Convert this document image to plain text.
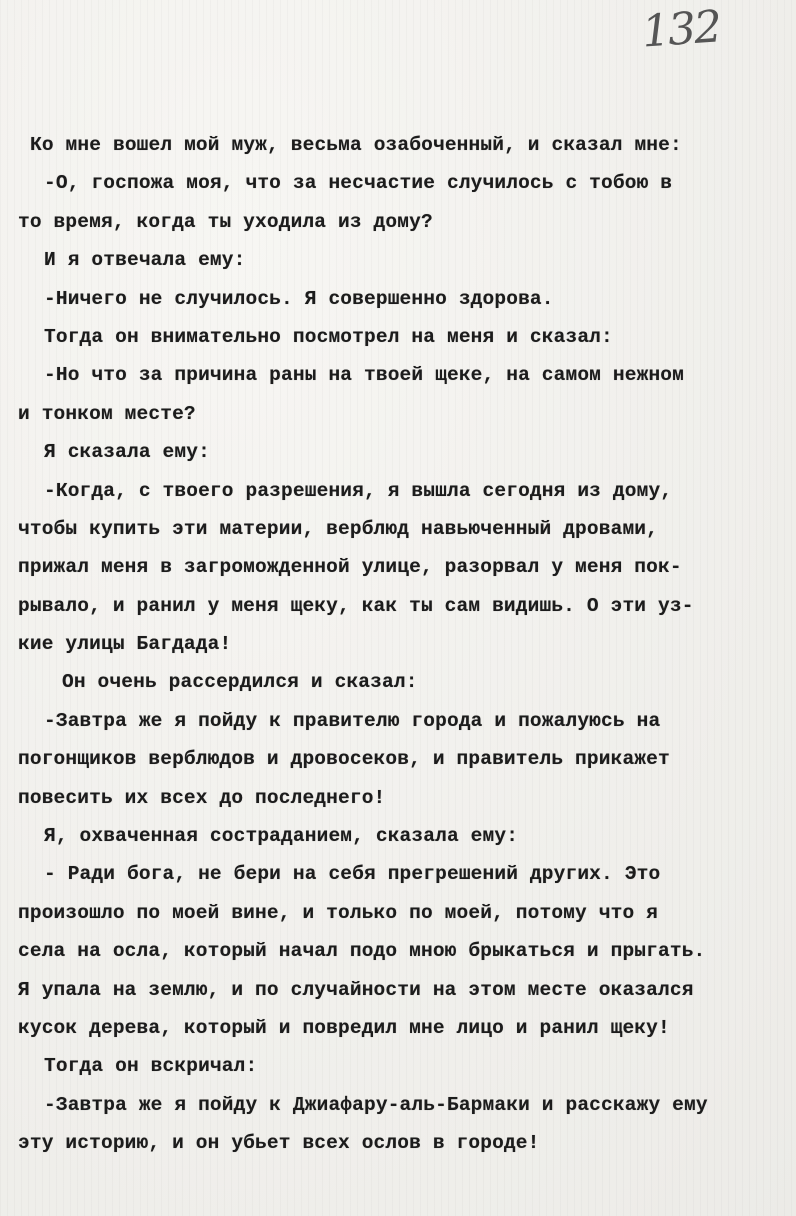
132
Ко мне вошел мой муж, весьма озабоченный, и сказал мне:
-О, госпожа моя, что за несчастие случилось с тобою в
то время, когда ты уходила из дому?
И я отвечала ему:
-Ничего не случилось. Я совершенно здорова.
Тогда он внимательно посмотрел на меня и сказал:
-Но что за причина раны на твоей щеке, на самом нежном
и тонком месте?
Я сказала ему:
-Когда, с твоего разрешения, я вышла сегодня из дому,
чтобы купить эти материи, верблюд навьюченный дровами,
прижал меня в загроможденной улице, разорвал у меня пок-
рывало, и ранил у меня щеку, как ты сам видишь. О эти уз-
кие улицы Багдада!
Он очень рассердился и сказал:
-Завтра же я пойду к правителю города и пожалуюсь на
погонщиков верблюдов и дровосеков, и правитель прикажет
повесить их всех до последнего!
Я, охваченная состраданием, сказала ему:
- Ради бога, не бери на себя прегрешений других. Это
произошло по моей вине, и только по моей, потому что я
села на осла, который начал подо мною брыкаться и прыгать.
Я упала на землю, и по случайности на этом месте оказался
кусок дерева, который и повредил мне лицо и ранил щеку!
Тогда он вскричал:
-Завтра же я пойду к Джиафару-аль-Бармаки и расскажу ему
эту историю, и он убьет всех ослов в городе!
